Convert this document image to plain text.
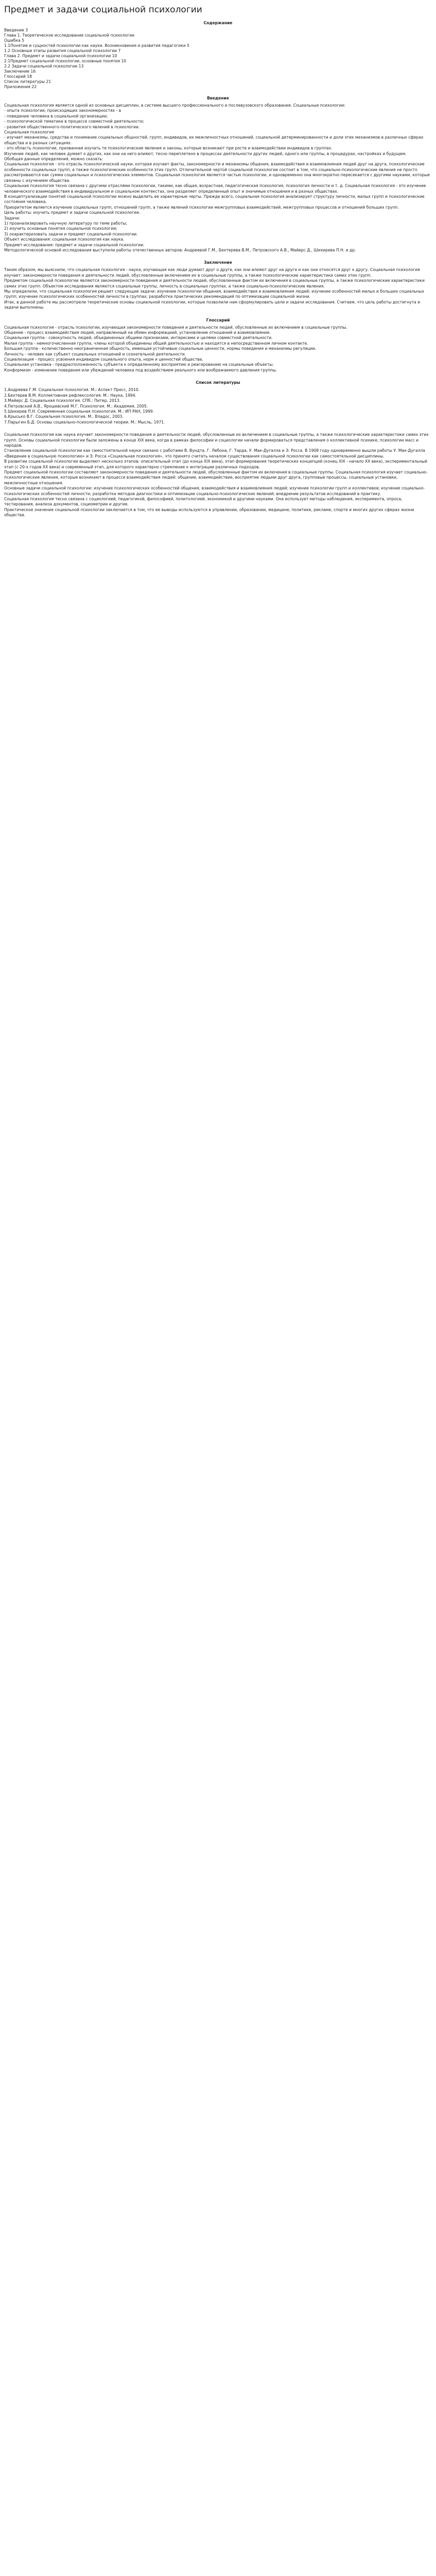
Предмет и задачи социальной психологии
Содержание

Введение 3

Глава 1. Теоретическое исследование социальной психологии

Ошибка 5

1.1Понятие и сущностей психологии как науки. Возникновения и развития педагогики 5

1.2 Основные этапы развития социальной психологии 7

Глава 2. Предмет и задачи социальной психологии 10

2.1Предмет социальной психологии, основные понятия 10

2.2 Задачи социальной психологии 13

Заключение 16

Глоссарий 18

Список литературы 21

Приложения 22

Введение

Социальная психология является одной из основных дисциплин, в системе высшего профессионального и послевузовского образования. Социальные психологии:

- опыта психологии, происходящих закономерностях - в

- поведение человека в социальной организации;

- психологической тематике в процессе совместной деятельности;

- развития общественного-политического явлений в психологии.

Социальная психология

- изучает механизмы, средства и понимание социальных общностей, групп, индивидов, их межличностных отношений, социальной детерминированности и доли этих механизмов в различных сферах общества и в разных ситуациях.

- это область психологии, призванная изучать те психологические явления и законы, которые возникают при росте и взаимодействии индивидов в группах.

Изучение людей, как человек думает о других, как они на него влияют, тесно переплетено в процессах деятельности других людей, одного или группы, в процедурах, настройках и будущем.

Обобщая данные определения, можно сказать:

Социальная психология - это отрасль психологической науки, которая изучает факты, закономерности и механизмы общения, взаимодействия и взаимовлияния людей друг на друга, психологические особенности социальных групп, а также психологические особенности этих групп. Отличительной чертой социальной психологии состоит в том, что социально-психологические явления не просто рассматриваются как сумма социальных и психологических элементов. Социальная психология является частью психологии, и одновременно она многократно пересекается с другими науками, которые связаны с изучением общества.

Социальная психология тесно связана с другими отраслями психологии, такими, как общая, возрастная, педагогическая психология, психология личности и т. д. Социальная психология - это изучение человеческого взаимодействия в индивидуальном и социальном контекстах, она разделяет определенный опыт и значимые отношения и в разных обществах.

В концептуализации понятий социальной психологии можно выделить ее характерные черты. Прежде всего, социальная психология анализирует структуру личности, малых групп и психологические состояния человека.

Приоритетом является изучение социальных групп, отношений групп, а также явлений психологии межгрупповых взаимодействий, межгрупповых процессов и отношений больших групп.

Цель работы: изучить предмет и задачи социальной психологии.

Задачи:

1) проанализировать научную литературу по теме работы;

2) изучить основные понятия социальной психологии;

3) охарактеризовать задачи и предмет социальной психологии.

Объект исследования: социальная психология как наука.

Предмет исследования: предмет и задачи социальной психологии.

Методологической основой исследования выступили работы отечественных авторов: Андреевой Г.М., Бехтерева В.М., Петровского А.В., Майерс Д., Шихирева П.Н. и др.

Заключение

Таким образом, мы выяснили, что социальная психология - наука, изучающая как люди думают друг о друге, как они влияют друг на друга и как они относятся друг к другу. Социальная психология изучает: закономерности поведения и деятельности людей, обусловленные включением их в социальные группы, а также психологические характеристики самих этих групп.

Предметом социальной психологии являются закономерности поведения и деятельности людей, обусловленные фактом их включения в социальные группы, а также психологические характеристики самих этих групп. Объектом исследования являются социальные группы, личность в социальных группах, а также социально-психологические явления.

Мы определили, что социальная психология решает следующие задачи: изучение психологии общения, взаимодействия и взаимовлияния людей; изучение особенностей малых и больших социальных групп; изучение психологических особенностей личности в группах; разработка практических рекомендаций по оптимизации социальной жизни.

Итак, в данной работе мы рассмотрели теоретические основы социальной психологии, которые позволили нам сформулировать цели и задачи исследования. Считаем, что цель работы достигнута и задачи выполнены.

Глоссарий

Социальная психология - отрасль психологии, изучающая закономерности поведения и деятельности людей, обусловленные их включением в социальные группы.

Общение - процесс взаимодействия людей, направленный на обмен информацией, установление отношений и взаимовлияние.

Социальная группа - совокупность людей, объединенных общими признаками, интересами и целями совместной деятельности.

Малая группа - немногочисленная группа, члены которой объединены общей деятельностью и находятся в непосредственном личном контакте.

Большая группа - количественно неограниченная общность, имеющая устойчивые социальные ценности, нормы поведения и механизмы регуляции.

Личность - человек как субъект социальных отношений и сознательной деятельности.

Социализация - процесс усвоения индивидом социального опыта, норм и ценностей общества.

Социальная установка - предрасположенность субъекта к определенному восприятию и реагированию на социальные объекты.

Конформизм - изменение поведения или убеждений человека под воздействием реального или воображаемого давления группы.

Список литературы

1.Андреева Г.М. Социальная психология. М.: Аспект Пресс, 2010.

2.Бехтерев В.М. Коллективная рефлексология. М.: Наука, 1994.

3.Майерс Д. Социальная психология. СПб.: Питер, 2013.

4.Петровский А.В., Ярошевский М.Г. Психология. М.: Академия, 2005.

5.Шихирев П.Н. Современная социальная психология. М.: ИП РАН, 1999.

6.Крысько В.Г. Социальная психология. М.: Владос, 2003.

7.Парыгин Б.Д. Основы социально-психологической теории. М.: Мысль, 1971.

Социальная психология как наука изучает закономерности поведения и деятельности людей, обусловленные их включением в социальные группы, а также психологические характеристики самих этих групп. Основы социальной психологии были заложены в конце XIX века, когда в рамках философии и социологии начали формироваться представления о коллективной психике, психологии масс и народов.

Становление социальной психологии как самостоятельной науки связано с работами В. Вундта, Г. Лебона, Г. Тарда, У. Мак-Дугалла и Э. Росса. В 1908 году одновременно вышли работы У. Мак-Дугалла «Введение в социальную психологию» и Э. Росса «Социальная психология», что принято считать началом существования социальной психологии как самостоятельной дисциплины.

В развитии социальной психологии выделяют несколько этапов: описательный этап (до конца XIX века), этап формирования теоретических концепций (конец XIX - начало XX века), экспериментальный этап (с 20-х годов XX века) и современный этап, для которого характерно стремление к интеграции различных подходов.

Предмет социальной психологии составляют закономерности поведения и деятельности людей, обусловленные фактом их включения в социальные группы. Социальная психология изучает социально-психологические явления, которые возникают в процессе взаимодействия людей: общение, взаимодействие, восприятие людьми друг друга, групповые процессы, социальные установки, межличностные отношения.

Основные задачи социальной психологии: изучение психологических особенностей общения, взаимодействия и взаимовлияния людей; изучение психологии групп и коллективов; изучение социально-психологических особенностей личности; разработка методов диагностики и оптимизации социально-психологических явлений; внедрение результатов исследований в практику.

Социальная психология тесно связана с социологией, педагогикой, философией, политологией, экономикой и другими науками. Она использует методы наблюдения, эксперимента, опроса, тестирования, анализа документов, социометрии и другие.

Практическое значение социальной психологии заключается в том, что ее выводы используются в управлении, образовании, медицине, политике, рекламе, спорте и многих других сферах жизни общества.
